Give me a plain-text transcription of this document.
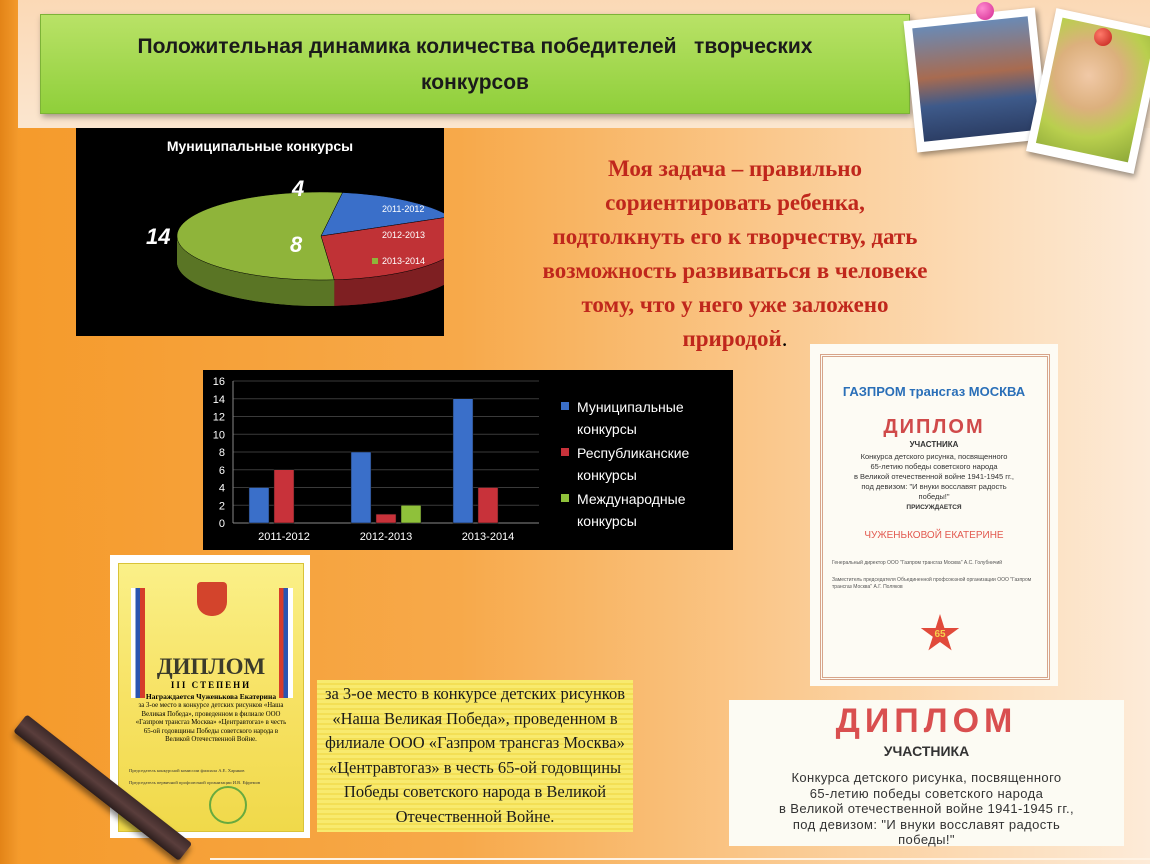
Положительная динамика количества победителей   творческих
конкурсов
Муниципальные конкурсы
4
8
14
2011-2012
2012-2013
2013-2014
Моя задача – правильно
сориентировать ребенка,
подтолкнуть его к творчеству, дать
возможность развиваться в человеке
тому, что у него уже заложено
природой.
0
2
4
6
8
10
12
14
16
2011-2012	2012-2013	2013-2014
Муниципальные
конкурсы
Республиканские
конкурсы
Международные
конкурсы
ГАЗПРОМ трансгаз МОСКВА
ДИПЛОМ
УЧАСТНИКА
Конкурса детского рисунка, посвященного
65-летию победы советского народа
в Великой отечественной войне 1941-1945 гг.,
под девизом: "И внуки восславят радость
победы!"
ПРИСУЖДАЕТСЯ
ЧУЖЕНЬКОВОЙ ЕКАТЕРИНЕ
Генеральный директор ООО "Газпром трансгаз Москва" А.С. Голубничий
Заместитель председателя Объединенной профсоюзной организации ООО "Газпром трансгаз Москва" А.Г. Поляков
65
ДИПЛОМ
III СТЕПЕНИ
Награждается Чуженькова Екатерина
за 3-ое место в конкурсе детских рисунков «Наша Великая Победа», проведенном в филиале ООО «Газпром трансгаз Москва» «Центравтогаз» в честь 65-ой годовщины Победы советского народа в Великой Отечественной Войне.
Председатель конкурсной комиссии филиала А.Е. Харнков
Председатель первичной профсоюзной организации И.В. Ефремов
за 3-ое место в конкурсе детских рисунков
«Наша Великая Победа», проведенном в
филиале ООО «Газпром трансгаз Москва»
«Центравтогаз» в честь 65-ой годовщины
Победы советского народа в Великой
Отечественной Войне.
ДИПЛОМ
УЧАСТНИКА
Конкурса детского рисунка, посвященного
65-летию победы советского народа
в Великой отечественной войне 1941-1945 гг.,
под девизом: "И внуки восславят радость
победы!"
